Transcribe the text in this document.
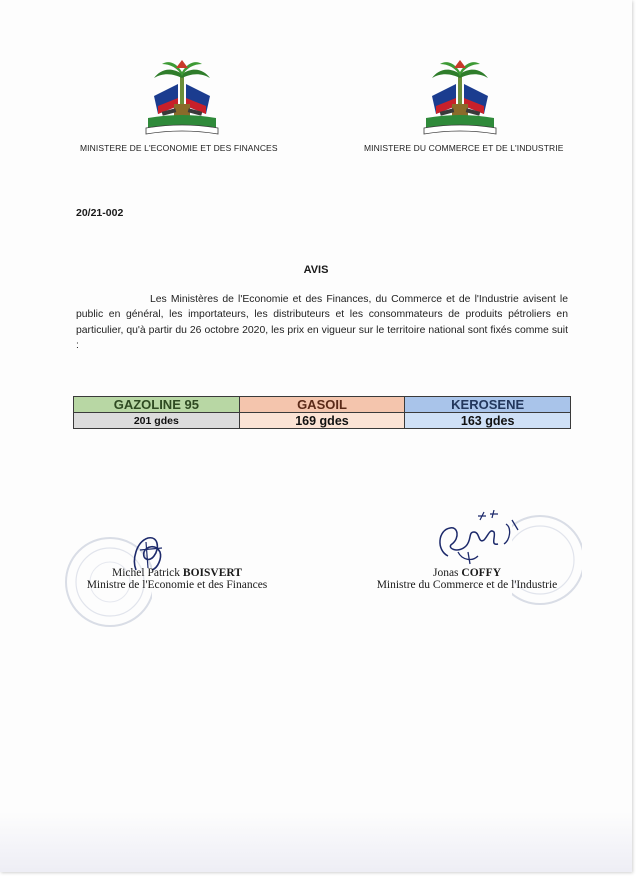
MINISTERE DE L'ECONOMIE ET DES FINANCES	MINISTERE DU COMMERCE ET DE L'INDUSTRIE
20/21-002
AVIS
Les Ministères de l'Economie et des Finances, du Commerce et de l'Industrie avisent le public en général, les importateurs, les distributeurs et les consommateurs de produits pétroliers en particulier, qu'à partir du 26 octobre 2020, les prix en vigueur sur le territoire national sont fixés comme suit :
GAZOLINE 95	GASOIL	KEROSENE
201 gdes	169 gdes	163 gdes
Michel Patrick BOISVERT
Ministre de l'Economie et des Finances
Jonas COFFY
Ministre du Commerce et de l'Industrie
